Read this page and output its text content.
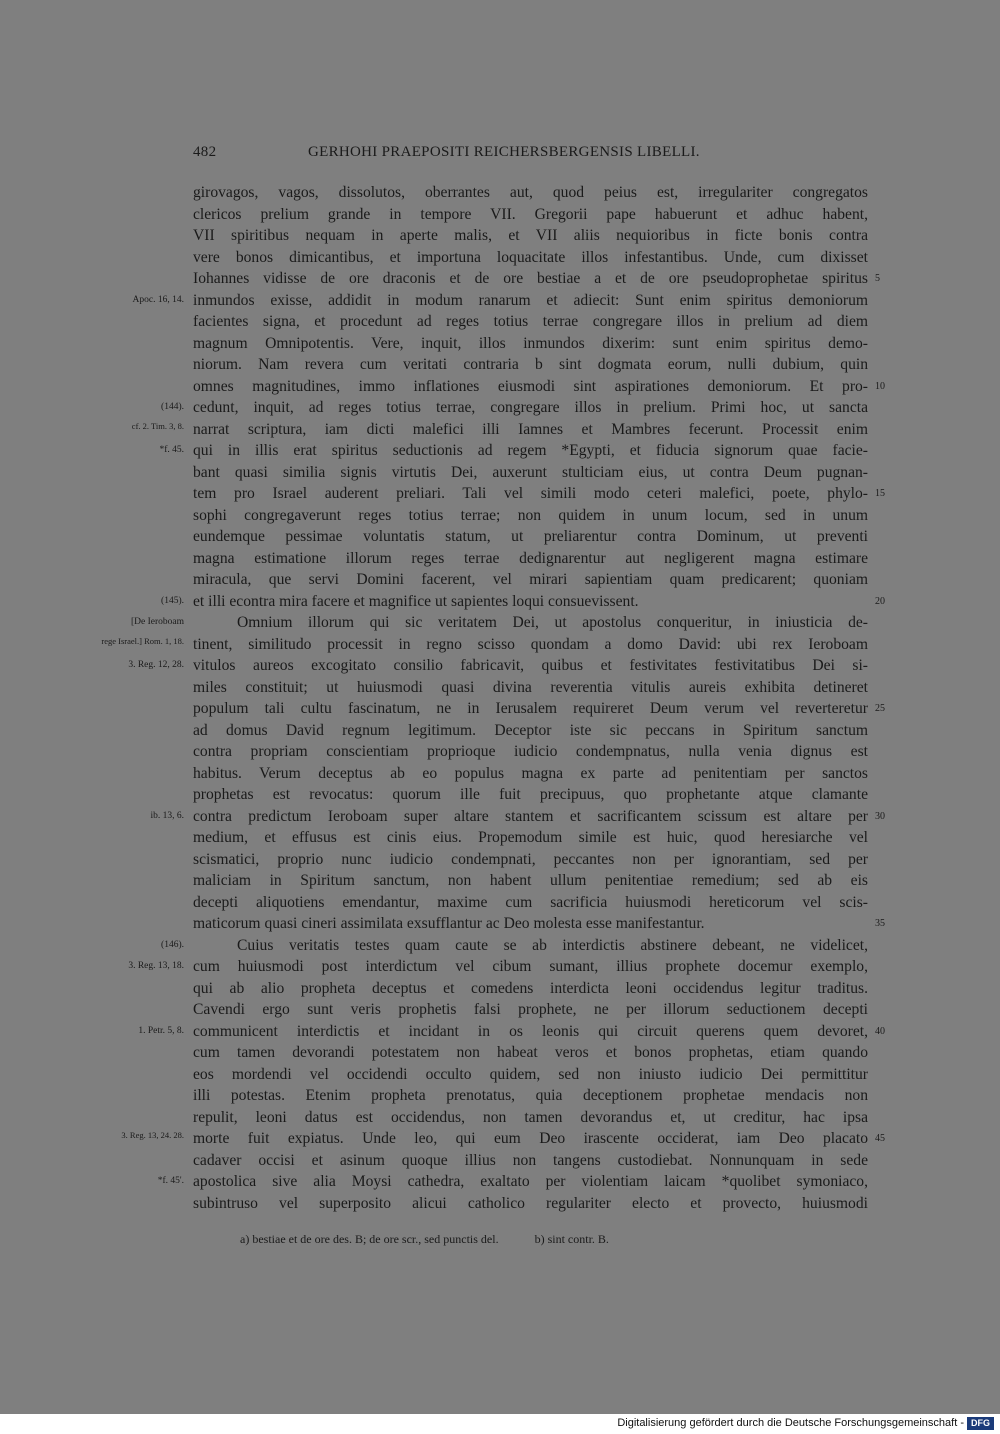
482	GERHOHI PRAEPOSITI REICHERSBERGENSIS LIBELLI.
girovagos, vagos, dissolutos, oberrantes aut, quod peius est, irregulariter congregatos
clericos prelium grande in tempore VII. Gregorii pape habuerunt et adhuc habent,
VII spiritibus nequam in aperte malis, et VII aliis nequioribus in ficte bonis contra
vere bonos dimicantibus, et importuna loquacitate illos infestantibus. Unde, cum dixisset
Iohannes vidisse de ore draconis et de ore bestiae a et de ore pseudoprophetae spiritus 5
inmundos exisse, addidit in modum ranarum et adiecit: Sunt enim spiritus demoniorum
Apoc. 16, 14.
facientes signa, et procedunt ad reges totius terrae congregare illos in prelium ad diem
magnum Omnipotentis. Vere, inquit, illos inmundos dixerim: sunt enim spiritus demo-
niorum. Nam revera cum veritati contraria b sint dogmata eorum, nulli dubium, quin
omnes magnitudines, immo inflationes eiusmodi sint aspirationes demoniorum. Et pro- 10
cedunt, inquit, ad reges totius terrae, congregare illos in prelium. Primi hoc, ut sancta
(144).
narrat scriptura, iam dicti malefici illi Iamnes et Mambres fecerunt. Processit enim
cf. 2. Tim. 3, 8.
qui in illis erat spiritus seductionis ad regem *Egypti, et fiducia signorum quae facie-
*f. 45.
bant quasi similia signis virtutis Dei, auxerunt stulticiam eius, ut contra Deum pugnan-
tem pro Israel auderent preliari. Tali vel simili modo ceteri malefici, poete, phylo- 15
sophi congregaverunt reges totius terrae; non quidem in unum locum, sed in unum
eundemque pessimae voluntatis statum, ut preliarentur contra Dominum, ut preventi
magna estimatione illorum reges terrae dedignarentur aut negligerent magna estimare
miracula, que servi Domini facerent, vel mirari sapientiam quam predicarent; quoniam
et illi econtra mira facere et magnifice ut sapientes loqui consuevissent.
(145).	20
Omnium illorum qui sic veritatem Dei, ut apostolus conqueritur, in iniusticia de-
[De Ieroboam
tinent, similitudo processit in regno scisso quondam a domo David: ubi rex Ieroboam
rege Israel.] Rom. 1, 18.
vitulos aureos excogitato consilio fabricavit, quibus et festivitates festivitatibus Dei si-
3. Reg. 12, 28.
miles constituit; ut huiusmodi quasi divina reverentia vitulis aureis exhibita detineret
populum tali cultu fascinatum, ne in Ierusalem requireret Deum verum vel reverteretur 25
ad domus David regnum legitimum. Deceptor iste sic peccans in Spiritum sanctum
contra propriam conscientiam proprioque iudicio condempnatus, nulla venia dignus est
habitus. Verum deceptus ab eo populus magna ex parte ad penitentiam per sanctos
prophetas est revocatus: quorum ille fuit precipuus, quo prophetante atque clamante
contra predictum Ieroboam super altare stantem et sacrificantem scissum est altare per
ib. 13, 6.	30
medium, et effusus est cinis eius. Propemodum simile est huic, quod heresiarche vel
scismatici, proprio nunc iudicio condempnati, peccantes non per ignorantiam, sed per
maliciam in Spiritum sanctum, non habent ullum penitentiae remedium; sed ab eis
decepti aliquotiens emendantur, maxime cum sacrificia huiusmodi hereticorum vel scis-
maticorum quasi cineri assimilata exsufflantur ac Deo molesta esse manifestantur.	35
Cuius veritatis testes quam caute se ab interdictis abstinere debeant, ne videlicet,
(146).
cum huiusmodi post interdictum vel cibum sumant, illius prophete docemur exemplo,
3. Reg. 13, 18.
qui ab alio propheta deceptus et comedens interdicta leoni occidendus legitur traditus.
Cavendi ergo sunt veris prophetis falsi prophete, ne per illorum seductionem decepti
communicent interdictis et incidant in os leonis qui circuit querens quem devoret,
1. Petr. 5, 8.	40
cum tamen devorandi potestatem non habeat veros et bonos prophetas, etiam quando
eos mordendi vel occidendi occulto quidem, sed non iniusto iudicio Dei permittitur
illi potestas. Etenim propheta prenotatus, quia deceptionem prophetae mendacis non
repulit, leoni datus est occidendus, non tamen devorandus et, ut creditur, hac ipsa
morte fuit expiatus. Unde leo, qui eum Deo irascente occiderat, iam Deo placato
3. Reg. 13, 24. 28.	45
cadaver occisi et asinum quoque illius non tangens custodiebat. Nonnunquam in sede
apostolica sive alia Moysi cathedra, exaltato per violentiam laicam *quolibet symoniaco,
*f. 45'.
subintruso vel superposito alicui catholico regulariter electo et provecto, huiusmodi
a) bestiae et de ore des. B; de ore scr., sed punctis del.	b) sint contr. B.
Digitalisierung gefördert durch die Deutsche Forschungsgemeinschaft - DFG
